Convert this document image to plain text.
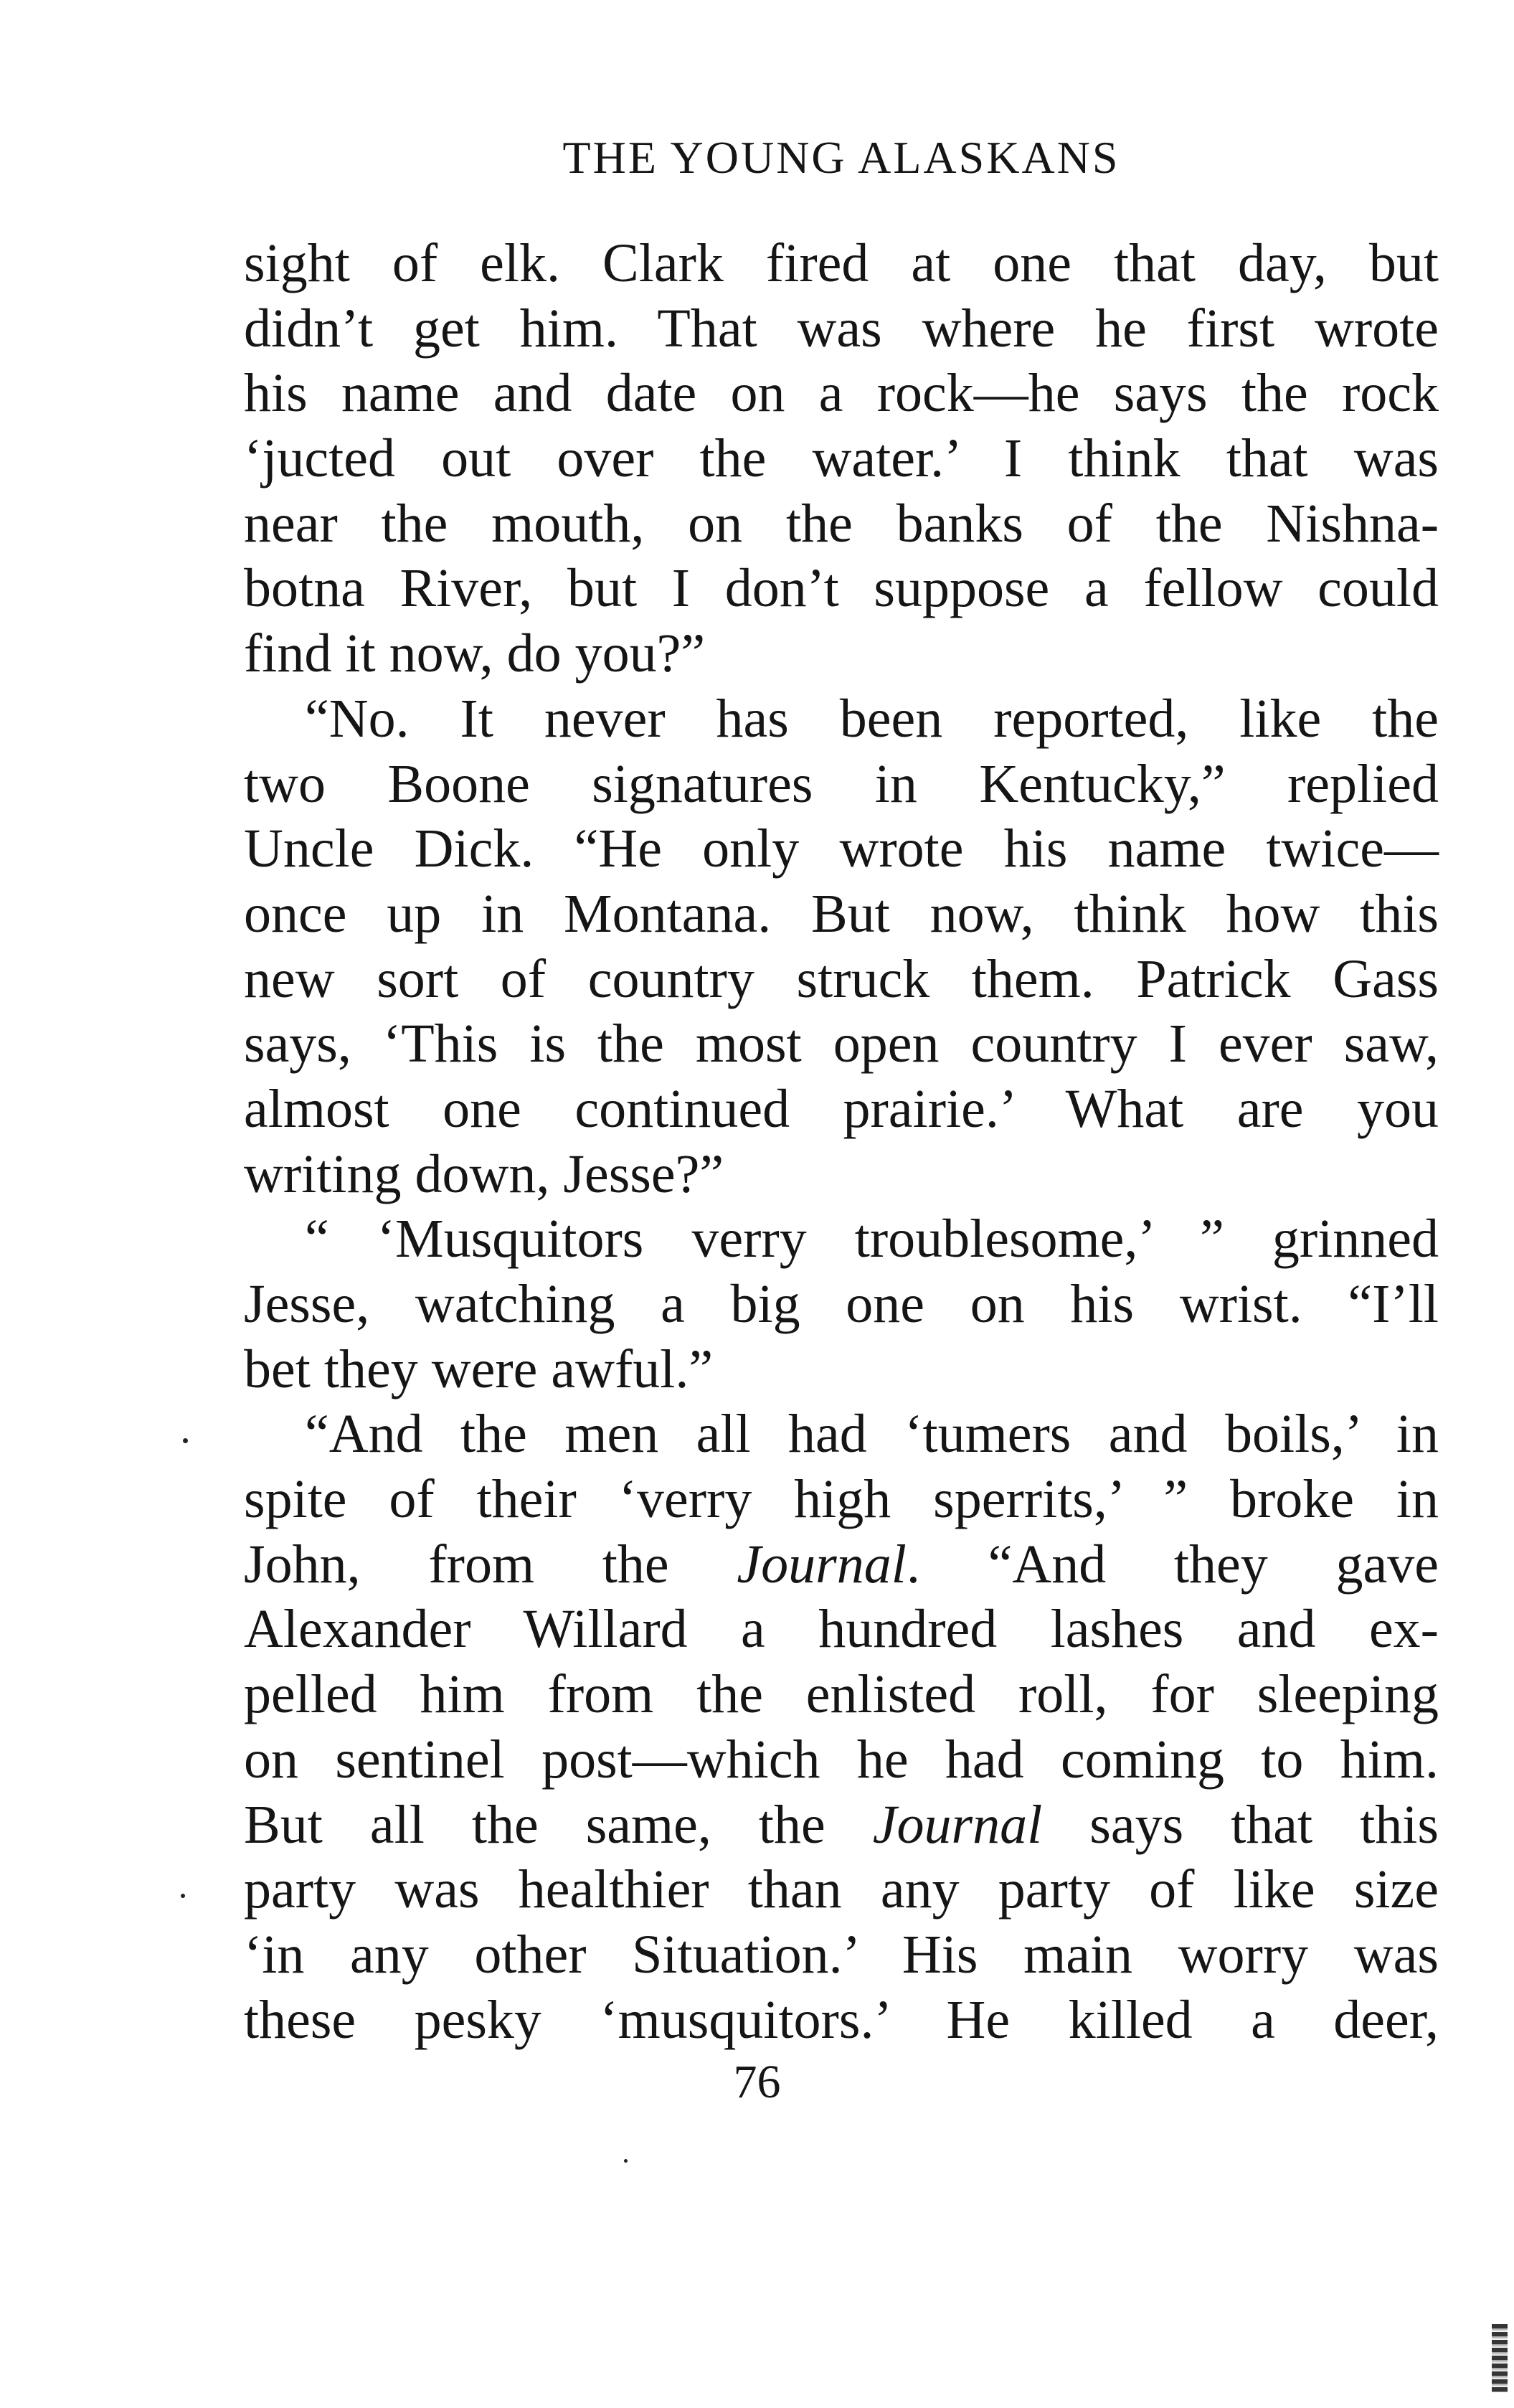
THE YOUNG ALASKANS
sight of elk. Clark fired at one that day, but
didn’t get him. That was where he first wrote
his name and date on a rock—he says the rock
‘jucted out over the water.’ I think that was
near the mouth, on the banks of the Nishna-
botna River, but I don’t suppose a fellow could
find it now, do you?”
“No. It never has been reported, like the
two Boone signatures in Kentucky,” replied
Uncle Dick. “He only wrote his name twice—
once up in Montana. But now, think how this
new sort of country struck them. Patrick Gass
says, ‘This is the most open country I ever saw,
almost one continued prairie.’ What are you
writing down, Jesse?”
“ ‘Musquitors verry troublesome,’ ” grinned
Jesse, watching a big one on his wrist. “I’ll
bet they were awful.”
“And the men all had ‘tumers and boils,’ in
spite of their ‘verry high sperrits,’ ” broke in
John, from the Journal. “And they gave
Alexander Willard a hundred lashes and ex-
pelled him from the enlisted roll, for sleeping
on sentinel post—which he had coming to him.
But all the same, the Journal says that this
party was healthier than any party of like size
‘in any other Situation.’ His main worry was
these pesky ‘musquitors.’ He killed a deer,
76
